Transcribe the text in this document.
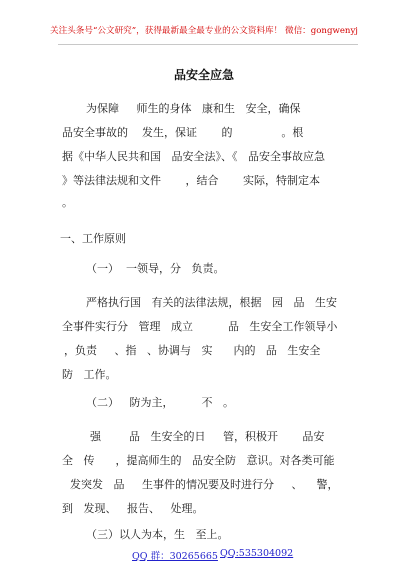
关注头条号“公文研究”，获得最新最全最专业的公文资料库！ 微信：gongwenyj
品安全应急
为保障     师生的身体   康和生   安全，确保
品安全事故的    发生，保证       的              。根
据《中华人民共和国   品安全法》、《   品安全事故应急
》等法律法规和文件       ，结合       实际，特制定本
。
一、工作原则
（一）  一领导，分   负责。
严格执行国   有关的法律法规，根据   园   品   生安
全事件实行分   管理   成立          品   生安全工作领导小
，负责     、指   、协调与   实      内的   品   生安全
防   工作。
（二）   防为主，        不   。
强        品   生安全的日     管，积极开       品安
全   传      ，提高师生的   品安全防   意识。对各类可能
发突发   品     生事件的情况要及时进行分     、    警，
到   发现、   报告、   处理。
（三）以人为本，生   至上。
QQ 群：30265665 QQ:535304092
